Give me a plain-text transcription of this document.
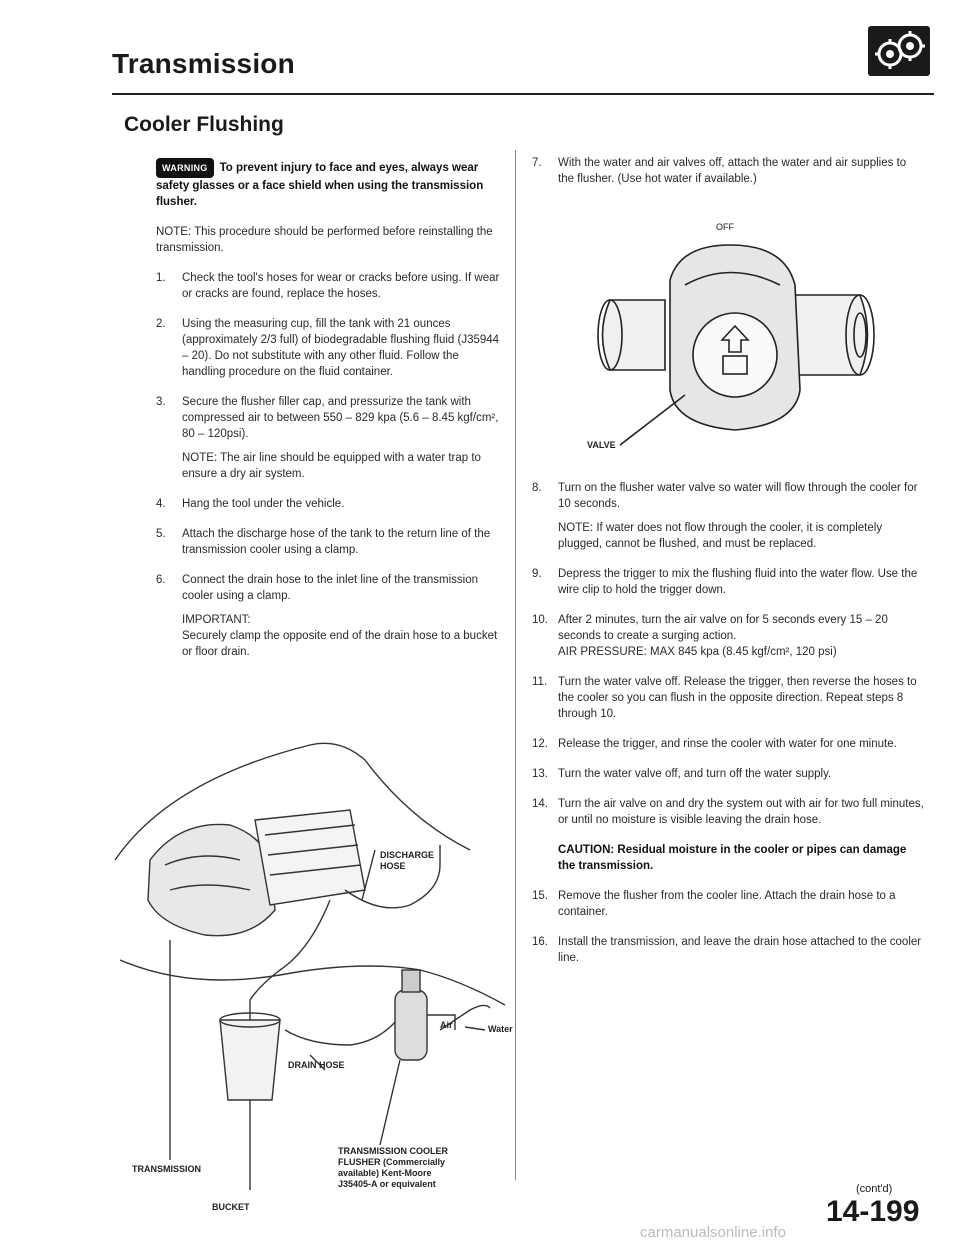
Transmission
Cooler Flushing
WARNING To prevent injury to face and eyes, always wear safety glasses or a face shield when using the transmission flusher.
NOTE: This procedure should be performed before reinstalling the transmission.
1.	Check the tool's hoses for wear or cracks before using. If wear or cracks are found, replace the hoses.
2.	Using the measuring cup, fill the tank with 21 ounces (approximately 2/3 full) of biodegradable flushing fluid (J35944 – 20). Do not substitute with any other fluid. Follow the handling procedure on the fluid container.
3.	Secure the flusher filler cap, and pressurize the tank with compressed air to between 550 – 829 kpa (5.6 – 8.45 kgf/cm², 80 – 120psi).
NOTE: The air line should be equipped with a water trap to ensure a dry air system.
4.	Hang the tool under the vehicle.
5.	Attach the discharge hose of the tank to the return line of the transmission cooler using a clamp.
6.	Connect the drain hose to the inlet line of the transmission cooler using a clamp.
IMPORTANT:
Securely clamp the opposite end of the drain hose to a bucket or floor drain.
DISCHARGE HOSE
Air	Water
DRAIN HOSE
TRANSMISSION
BUCKET
TRANSMISSION COOLER FLUSHER (Commercially available) Kent-Moore J35405-A or equivalent
7.	With the water and air valves off, attach the water and air supplies to the flusher. (Use hot water if available.)
OFF
VALVE
8.	Turn on the flusher water valve so water will flow through the cooler for 10 seconds.
NOTE: If water does not flow through the cooler, it is completely plugged, cannot be flushed, and must be replaced.
9.	Depress the trigger to mix the flushing fluid into the water flow. Use the wire clip to hold the trigger down.
10. After 2 minutes, turn the air valve on for 5 seconds every 15 – 20 seconds to create a surging action.
AIR PRESSURE: MAX 845 kpa (8.45 kgf/cm², 120 psi)
11. Turn the water valve off. Release the trigger, then reverse the hoses to the cooler so you can flush in the opposite direction. Repeat steps 8 through 10.
12. Release the trigger, and rinse the cooler with water for one minute.
13. Turn the water valve off, and turn off the water supply.
14. Turn the air valve on and dry the system out with air for two full minutes, or until no moisture is visible leaving the drain hose.
CAUTION: Residual moisture in the cooler or pipes can damage the transmission.
15. Remove the flusher from the cooler line. Attach the drain hose to a container.
16. Install the transmission, and leave the drain hose attached to the cooler line.
(cont'd)
14-199
carmanualsonline.info
